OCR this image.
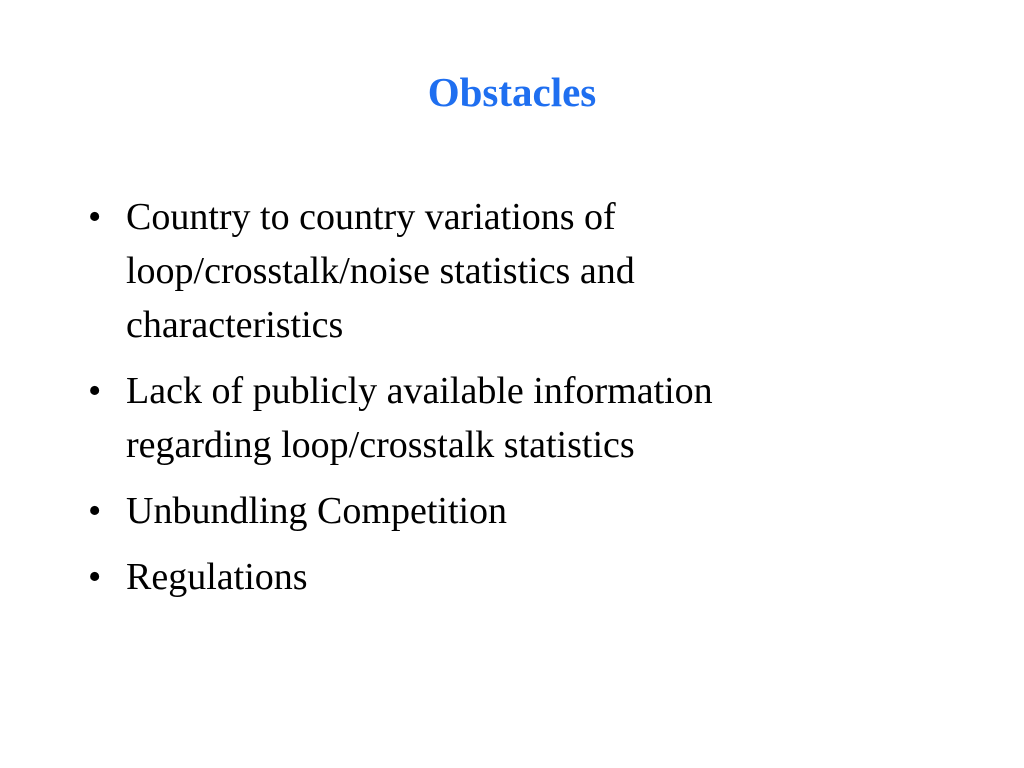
Obstacles
• Country to country variations of loop/crosstalk/noise statistics and characteristics
• Lack of publicly available information regarding loop/crosstalk statistics
• Unbundling Competition
• Regulations
